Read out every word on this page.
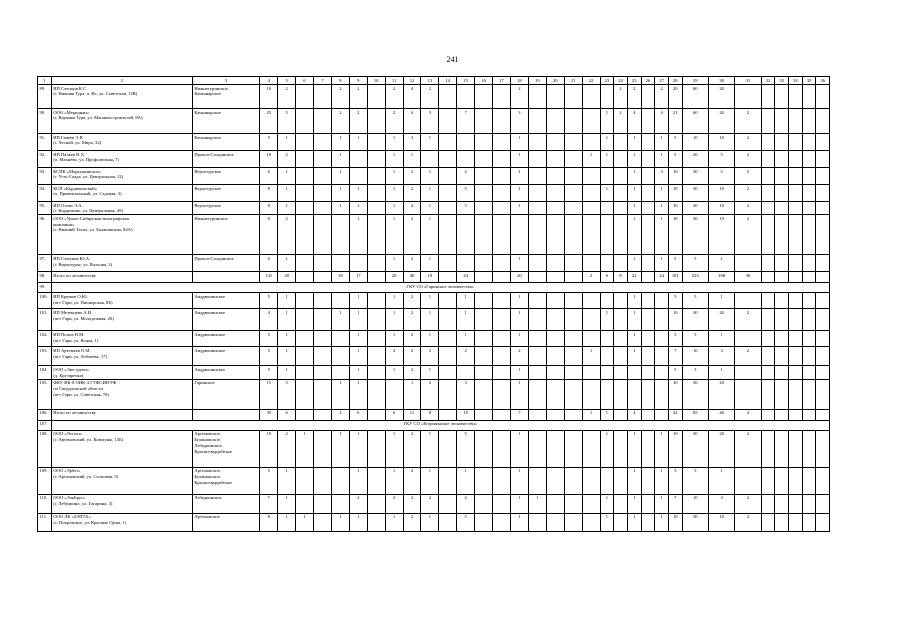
241
1	2	3	4	5	6	7	8	9	10	11	12	13	14	15	16	17	18	19	20	21	22	23	24	25	26	27	28	29	30	31	32	33	34	35	36
89.	ИП Слепцов К.С.
(г. Нижняя Тура, п. Ис, ул. Советская, 13В)	Нижнетуринское,
Качканарское	10	2			2	2		2	4	2					2						2	2		2	20	60	20						
90.	ООО «Меридиан»
(г. Верхняя Тура, ул. Машиностроителей, 8А)	Качканарское	25	5			2	2		2	4	3		7			3					1	2	4		4	21	60	20	2					
91.	ИП Ганеев Э.В.
(г. Лесной, ул. Мира, 32)	Качканарское	5	1			1	1		1	3	1					1					1		1		1	5	10	10	2					
92.	ИП Пальев Н.Х.
(п. Махнёво, ул. Профсоюзная, 7)	Прокоп-Салдинское	10	2			1			1	1						1				1	1		1		1	5	20	5	2					
93.	КСПК «Меркушинское»
(г. Усть-Салда, ул. Центральная, 12)	Верхотурское	6	1			1			1	2	1		2			1							1		3	10	30	5	2					
94.	КСП «Кордюковский»
(п. Привокзальный, ул. Садовая, 3)	Верхотурское	8	1			1	1		1	2	1		5			1					1		1		1	10	30	10	2					
95.	ИП Олеко Э.А.
(г. Кордюково, ул. Центральная, 49)	Верхотурское	8	1			1	1		1	2	1		5			1							1		1	10	30	10	2					
96.	ООО «Урало-Сибирская типографская
компания»
(г. Нижний Тагил, ул. Балакинская, 84А)	Нижнетуринское	8	2				1		1	2	1												1		1	10	30	10	2					
97.	ИП Глазунов Ю.А.
(г. Верхотурье, ул. Вольова, 3)	Прокоп-Салдинское	6	1						1	2	1					1							1		1	5	5	1						
98.	Итого по лесничеству		141	28			18	17		20	40	19		43			20				2	6	8	22		24	181	525	168	30					
99.	ГКУ СО «Гаринское лесничество»																																		
100.	ИП Крюков О.Ю.
(пгт Гари, ул. Пионерская, 8Б)	Андрюшинское	5	1				1		1	2	1		1			1							1			5	5	1						
101.	ИП Мезенцева А.И.
(пгт Гари, ул. Молодежная, 26)	Андрюшинское	4	1			1	1		1	2	1		1			1					1		1			10	30	20	2					
102.	ИП Попов Н.М.
(пгт Гари, ул. Ясная, 1)	Андрюшинское	5	1				1		1	2	1		1			1							1			5	5	1						
103.	ИП Артемьев О.М.
(пгт Гари, ул. Лобачёва, 17)	Андрюшинское	5	1				1		2	2	2		2			2				1			1			7	10	3	2					
104	ООО «Эко-групп»
(д. Крутяречка)	Андрюшинское	5	1				1		1	2	1					1										5	5	1						
105.	ФКУ ИК-8 ОИК-4 ГУФСИН РФ
по Свердловской области
(пгт Гари, ул. Советская, 76)	Гаринское	15	5			1	1			1	2		3			1										10	30	20						
106.	Итого по лесничеству		39	6			2	6		6	11	8		10			7				1	1		4			42	85	46	4					
107.	ГКУ СО «Егоршинское лесничество»																																		
108.	ООО «Лесхоз»
(г. Артемовский, ул. Коммуны, 13Б)	Артемовское,
Буланашское,
Лебедкинское,
Красногвардейское	10	2	1		1	1		1	2	1		5			1					1		1		1	10	30	20	2					
109.	ООО «Эрбет»
(г. Артемовский, ул. Сосновая, 5)	Артемовское,
Буланашское,
Красногвардейское	5	1				1		1	2	1		1			1							1		1	5	5	1						
110.	ООО «ЭльБрус»
(г. Лебедкино, ул. Гагарина, 3)	Лебедкинское	7	1				2		2	2	2		2			1	1				1		1		1	7	10	3	2					
111.	ООО ЛК «ЗЭПТА»
(с. Покровское, ул. Красные Орлы, 1)	Артемовское	8	1	1		1	1		1	2	1		5			1					1		1		1	10	30	10	2					
